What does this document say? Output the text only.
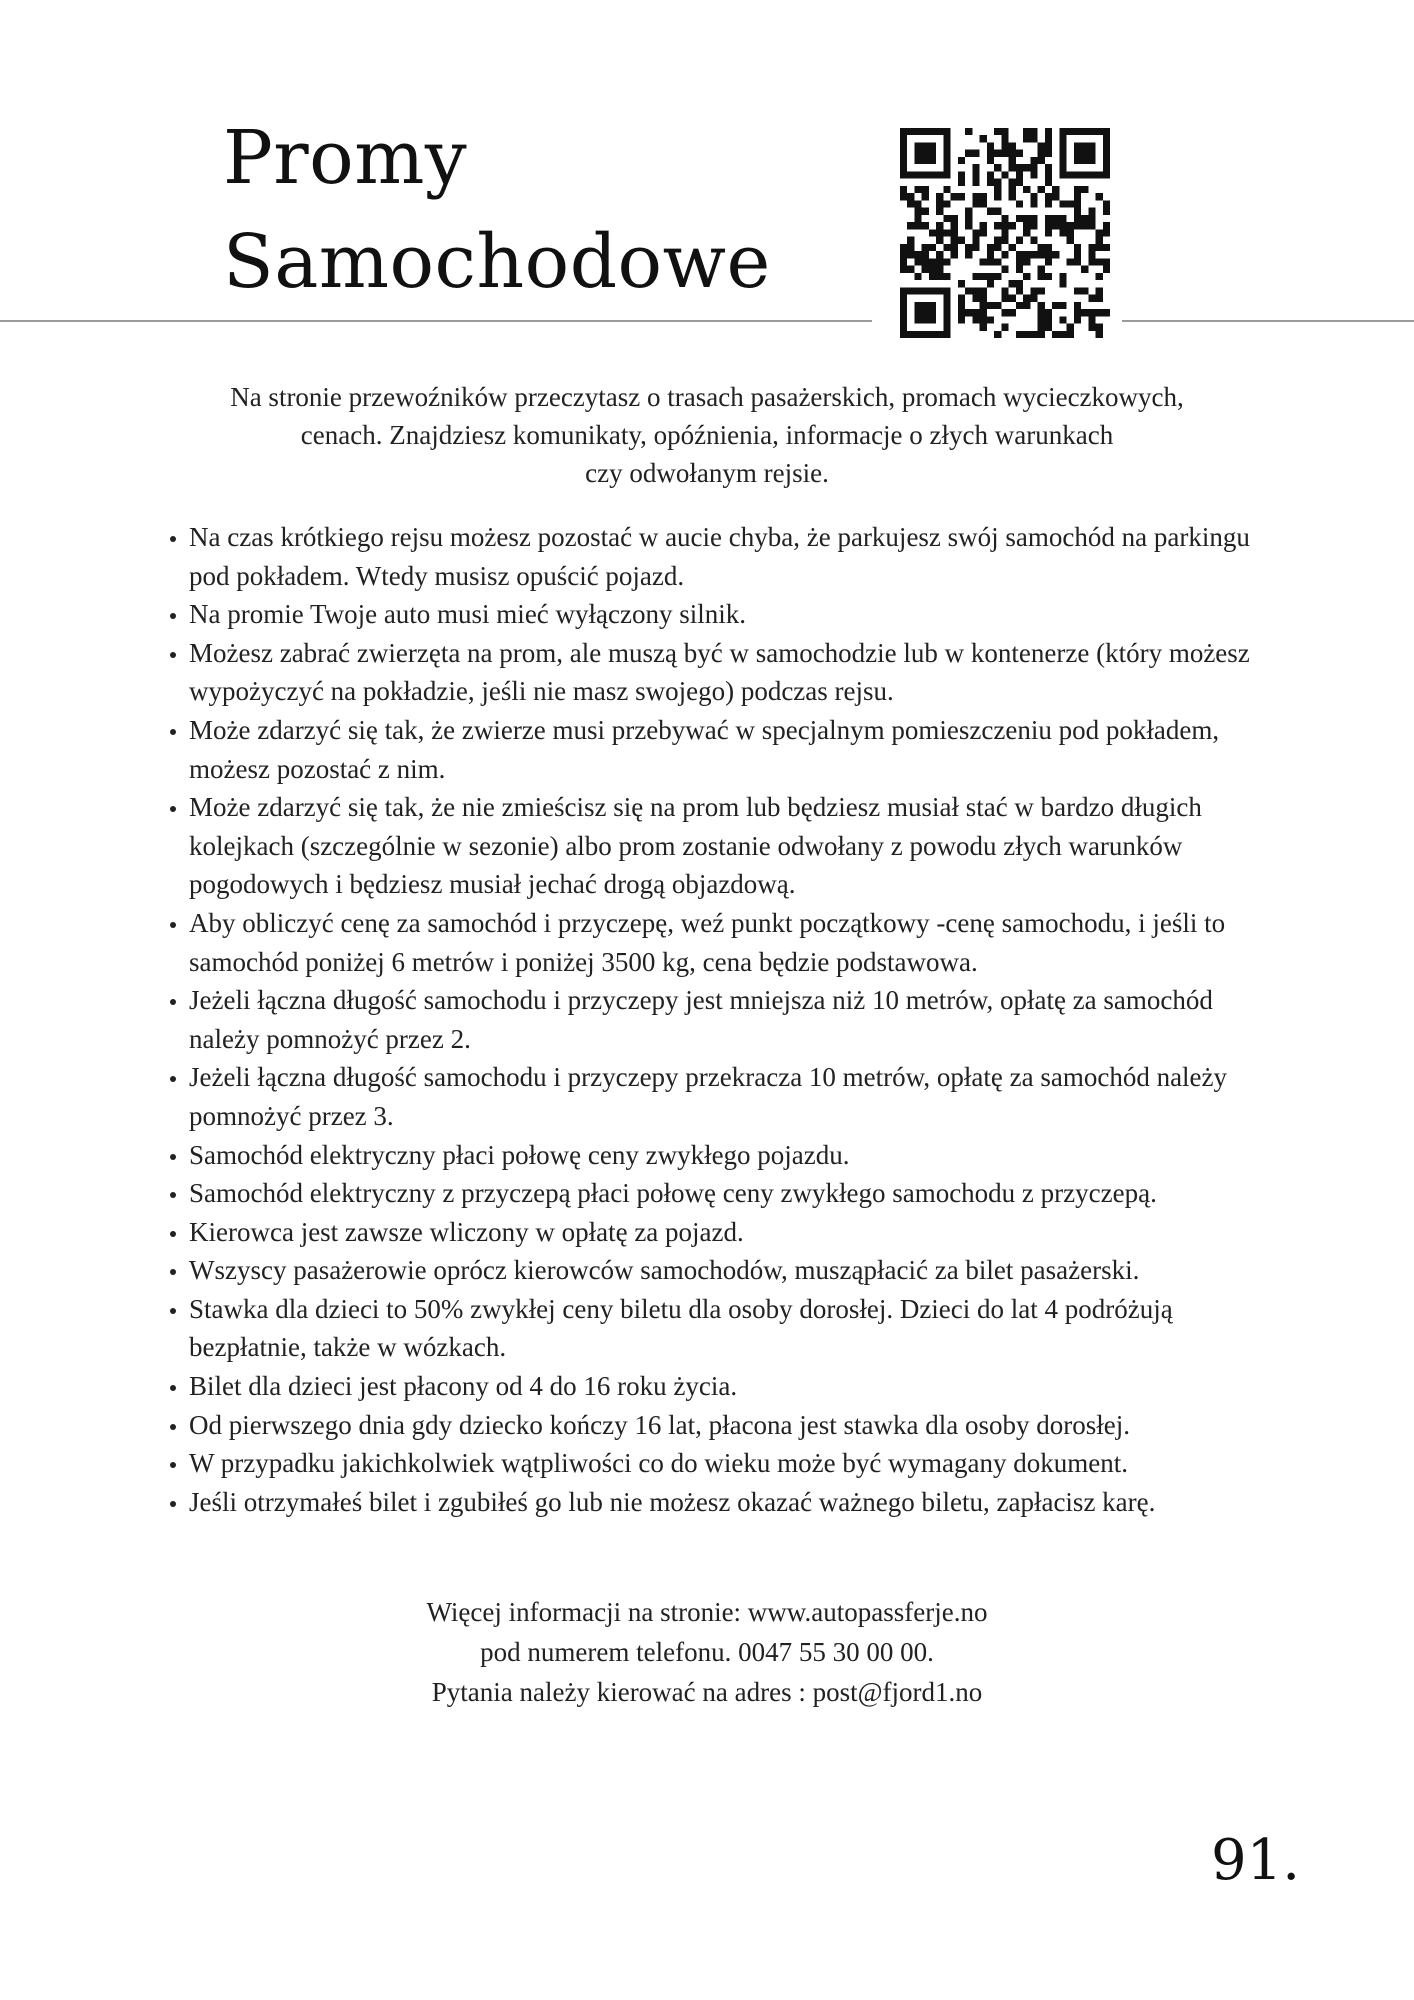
Promy
Samochodowe

Na stronie przewoźników przeczytasz o trasach pasażerskich, promach wycieczkowych,
cenach. Znajdziesz komunikaty, opóźnienia, informacje o złych warunkach
czy odwołanym rejsie.

Na czas krótkiego rejsu możesz pozostać w aucie chyba, że parkujesz swój samochód na parkingu pod pokładem. Wtedy musisz opuścić pojazd.
Na promie Twoje auto musi mieć wyłączony silnik.
Możesz zabrać zwierzęta na prom, ale muszą być w samochodzie lub w kontenerze (który możesz wypożyczyć na pokładzie, jeśli nie masz swojego) podczas rejsu.
Może zdarzyć się tak, że zwierze musi przebywać w specjalnym pomieszczeniu pod pokładem, możesz pozostać z nim.
Może zdarzyć się tak, że nie zmieścisz się na prom lub będziesz musiał stać w bardzo długich kolejkach (szczególnie w sezonie) albo prom zostanie odwołany z powodu złych warunków pogodowych i będziesz musiał jechać drogą objazdową.
Aby obliczyć cenę za samochód i przyczepę, weź punkt początkowy -cenę samochodu, i jeśli to samochód poniżej 6 metrów i poniżej 3500 kg, cena będzie podstawowa.
Jeżeli łączna długość samochodu i przyczepy jest mniejsza niż 10 metrów, opłatę za samochód należy pomnożyć przez 2.
Jeżeli łączna długość samochodu i przyczepy przekracza 10 metrów, opłatę za samochód należy pomnożyć przez 3.
Samochód elektryczny płaci połowę ceny zwykłego pojazdu.
Samochód elektryczny z przyczepą płaci połowę ceny zwykłego samochodu z przyczepą.
Kierowca jest zawsze wliczony w opłatę za pojazd.
Wszyscy pasażerowie oprócz kierowców samochodów, musząpłacić za bilet pasażerski.
Stawka dla dzieci to 50% zwykłej ceny biletu dla osoby dorosłej. Dzieci do lat 4 podróżują bezpłatnie, także w wózkach.
Bilet dla dzieci jest płacony od 4 do 16 roku życia.
Od pierwszego dnia gdy dziecko kończy 16 lat, płacona jest stawka dla osoby dorosłej.
W przypadku jakichkolwiek wątpliwości co do wieku może być wymagany dokument.
Jeśli otrzymałeś bilet i zgubiłeś go lub nie możesz okazać ważnego biletu, zapłacisz karę.
Więcej informacji na stronie: www.autopassferje.no
pod numerem telefonu. 0047 55 30 00 00.
Pytania należy kierować na adres : post@fjord1.no
91.
